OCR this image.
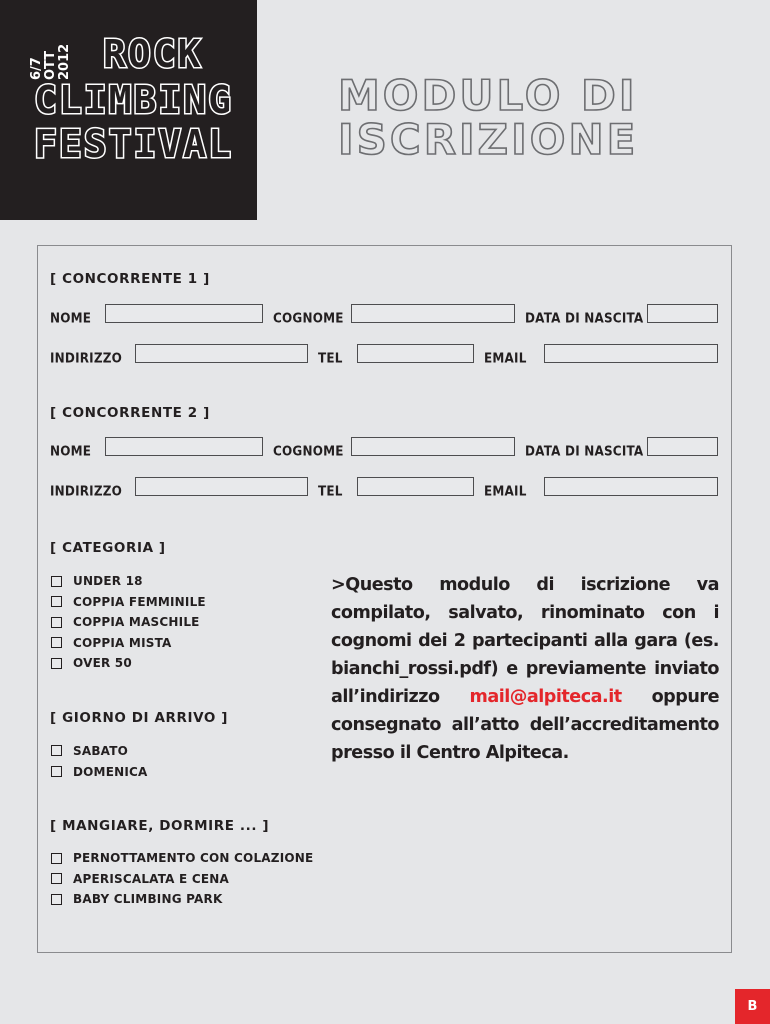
6/7 OTT 2012 ROCK
CLIMBING
FESTIVAL
MODULO DI
ISCRIZIONE
[ CONCORRENTE 1 ]
NOME	COGNOME	DATA DI NASCITA
INDIRIZZO	TEL	EMAIL
[ CONCORRENTE 2 ]
NOME	COGNOME	DATA DI NASCITA
INDIRIZZO	TEL	EMAIL
[ CATEGORIA ]
UNDER 18
COPPIA FEMMINILE
COPPIA MASCHILE
COPPIA MISTA
OVER 50
[ GIORNO DI ARRIVO ]
SABATO
DOMENICA
[ MANGIARE, DORMIRE ... ]
PERNOTTAMENTO CON COLAZIONE
APERISCALATA E CENA
BABY CLIMBING PARK
>Questo modulo di iscrizione va compilato, salvato, rinominato con i cognomi dei 2 partecipanti alla gara (es. bianchi_rossi.pdf) e previamente inviato all’indirizzo mail@alpiteca.it oppure consegnato all’atto dell’accreditamento presso il Centro Alpiteca.
B
